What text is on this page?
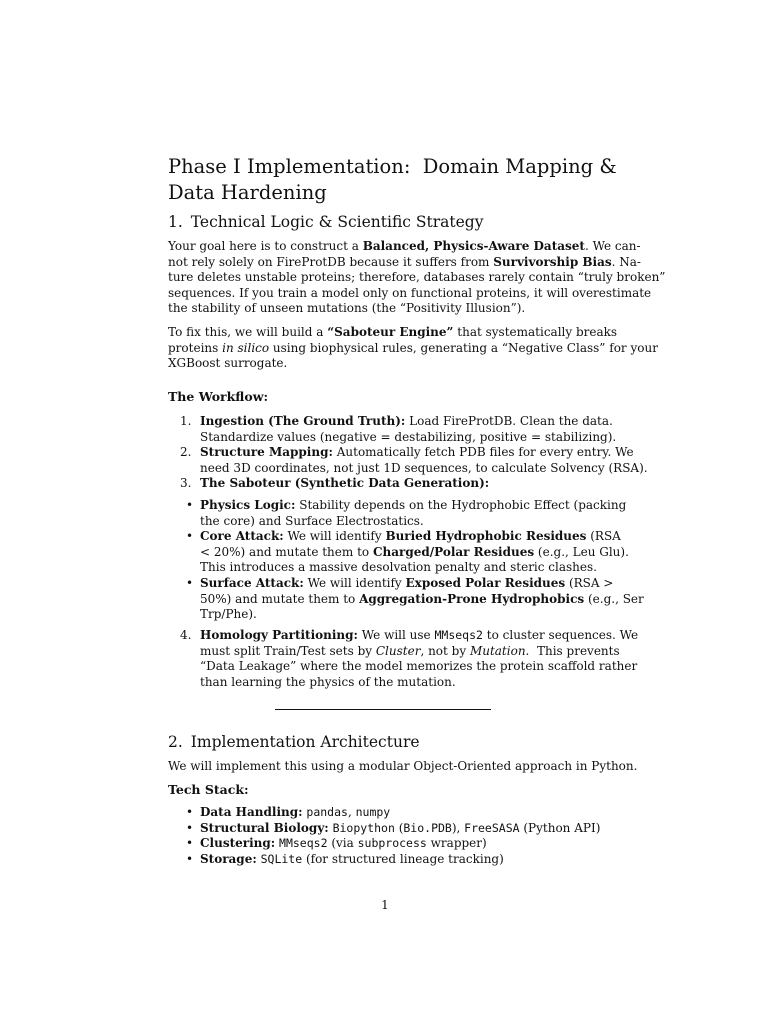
Phase I Implementation:  Domain Mapping &
Data Hardening
1. Technical Logic & Scientific Strategy
Your goal here is to construct a Balanced, Physics-Aware Dataset. We can-
not rely solely on FireProtDB because it suffers from Survivorship Bias. Na-
ture deletes unstable proteins; therefore, databases rarely contain “truly broken”
sequences. If you train a model only on functional proteins, it will overestimate
the stability of unseen mutations (the “Positivity Illusion”).
To fix this, we will build a “Saboteur Engine” that systematically breaks
proteins in silico using biophysical rules, generating a “Negative Class” for your
XGBoost surrogate.
The Workflow:
1. Ingestion (The Ground Truth): Load FireProtDB. Clean the data.
Standardize values (negative = destabilizing, positive = stabilizing).
2. Structure Mapping: Automatically fetch PDB files for every entry. We
need 3D coordinates, not just 1D sequences, to calculate Solvency (RSA).
3. The Saboteur (Synthetic Data Generation):
• Physics Logic: Stability depends on the Hydrophobic Effect (packing
the core) and Surface Electrostatics.
• Core Attack: We will identify Buried Hydrophobic Residues (RSA
< 20%) and mutate them to Charged/Polar Residues (e.g., Leu Glu).
This introduces a massive desolvation penalty and steric clashes.
• Surface Attack: We will identify Exposed Polar Residues (RSA >
50%) and mutate them to Aggregation-Prone Hydrophobics (e.g., Ser
Trp/Phe).
4. Homology Partitioning: We will use MMseqs2 to cluster sequences. We
must split Train/Test sets by Cluster, not by Mutation.  This prevents
“Data Leakage” where the model memorizes the protein scaffold rather
than learning the physics of the mutation.
2. Implementation Architecture
We will implement this using a modular Object-Oriented approach in Python.
Tech Stack:
• Data Handling: pandas, numpy
• Structural Biology: Biopython (Bio.PDB), FreeSASA (Python API)
• Clustering: MMseqs2 (via subprocess wrapper)
• Storage: SQLite (for structured lineage tracking)
1
